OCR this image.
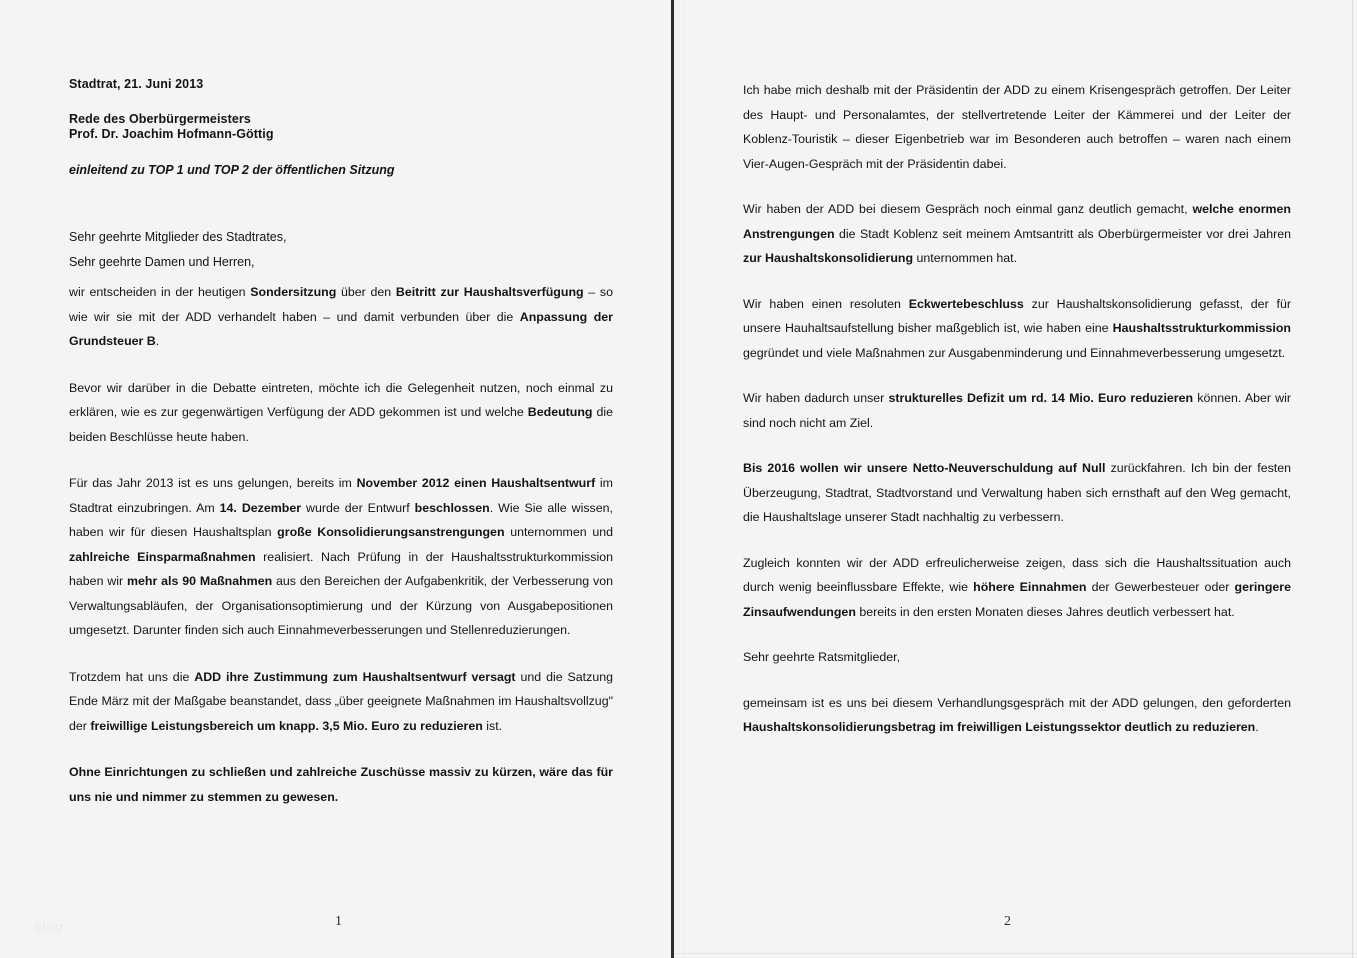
Stadtrat, 21. Juni 2013
Rede des Oberbürgermeisters
Prof. Dr. Joachim Hofmann-Göttig
einleitend zu TOP 1 und TOP 2 der öffentlichen Sitzung
Sehr geehrte Mitglieder des Stadtrates,
Sehr geehrte Damen und Herren,

wir entscheiden in der heutigen Sondersitzung über den Beitritt zur Haushaltsverfügung – so wie wir sie mit der ADD verhandelt haben – und damit verbunden über die Anpassung der Grundsteuer B.

Bevor wir darüber in die Debatte eintreten, möchte ich die Gelegenheit nutzen, noch einmal zu erklären, wie es zur gegenwärtigen Verfügung der ADD gekommen ist und welche Bedeutung die beiden Beschlüsse heute haben.

Für das Jahr 2013 ist es uns gelungen, bereits im November 2012 einen Haushaltsentwurf im Stadtrat einzubringen. Am 14. Dezember wurde der Entwurf beschlossen. Wie Sie alle wissen, haben wir für diesen Haushaltsplan große Konsolidierungsanstrengungen unternommen und zahlreiche Einsparmaßnahmen realisiert. Nach Prüfung in der Haushaltsstrukturkommission haben wir mehr als 90 Maßnahmen aus den Bereichen der Aufgabenkritik, der Verbesserung von Verwaltungsabläufen, der Organisationsoptimierung und der Kürzung von Ausgabepositionen umgesetzt. Darunter finden sich auch Einnahmeverbesserungen und Stellenreduzierungen.

Trotzdem hat uns die ADD ihre Zustimmung zum Haushaltsentwurf versagt und die Satzung Ende März mit der Maßgabe beanstandet, dass „über geeignete Maßnahmen im Haushaltsvollzug" der freiwillige Leistungsbereich um knapp. 3,5 Mio. Euro zu reduzieren ist.

Ohne Einrichtungen zu schließen und zahlreiche Zuschüsse massiv zu kürzen, wäre das für uns nie und nimmer zu stemmen zu gewesen.

blog	1

Ich habe mich deshalb mit der Präsidentin der ADD zu einem Krisengespräch getroffen. Der Leiter des Haupt- und Personalamtes, der stellvertretende Leiter der Kämmerei und der Leiter der Koblenz-Touristik – dieser Eigenbetrieb war im Besonderen auch betroffen – waren nach einem Vier-Augen-Gespräch mit der Präsidentin dabei.

Wir haben der ADD bei diesem Gespräch noch einmal ganz deutlich gemacht, welche enormen Anstrengungen die Stadt Koblenz seit meinem Amtsantritt als Oberbürgermeister vor drei Jahren zur Haushaltskonsolidierung unternommen hat.

Wir haben einen resoluten Eckwertebeschluss zur Haushaltskonsolidierung gefasst, der für unsere Hauhaltsaufstellung bisher maßgeblich ist, wie haben eine Haushaltsstrukturkommission gegründet und viele Maßnahmen zur Ausgabenminderung und Einnahmeverbesserung umgesetzt.

Wir haben dadurch unser strukturelles Defizit um rd. 14 Mio. Euro reduzieren können. Aber wir sind noch nicht am Ziel.

Bis 2016 wollen wir unsere Netto-Neuverschuldung auf Null zurückfahren. Ich bin der festen Überzeugung, Stadtrat, Stadtvorstand und Verwaltung haben sich ernsthaft auf den Weg gemacht, die Haushaltslage unserer Stadt nachhaltig zu verbessern.

Zugleich konnten wir der ADD erfreulicherweise zeigen, dass sich die Haushaltssituation auch durch wenig beeinflussbare Effekte, wie höhere Einnahmen der Gewerbesteuer oder geringere Zinsaufwendungen bereits in den ersten Monaten dieses Jahres deutlich verbessert hat.

Sehr geehrte Ratsmitglieder,

gemeinsam ist es uns bei diesem Verhandlungsgespräch mit der ADD gelungen, den geforderten Haushaltskonsolidierungsbetrag im freiwilligen Leistungssektor deutlich zu reduzieren.

2
